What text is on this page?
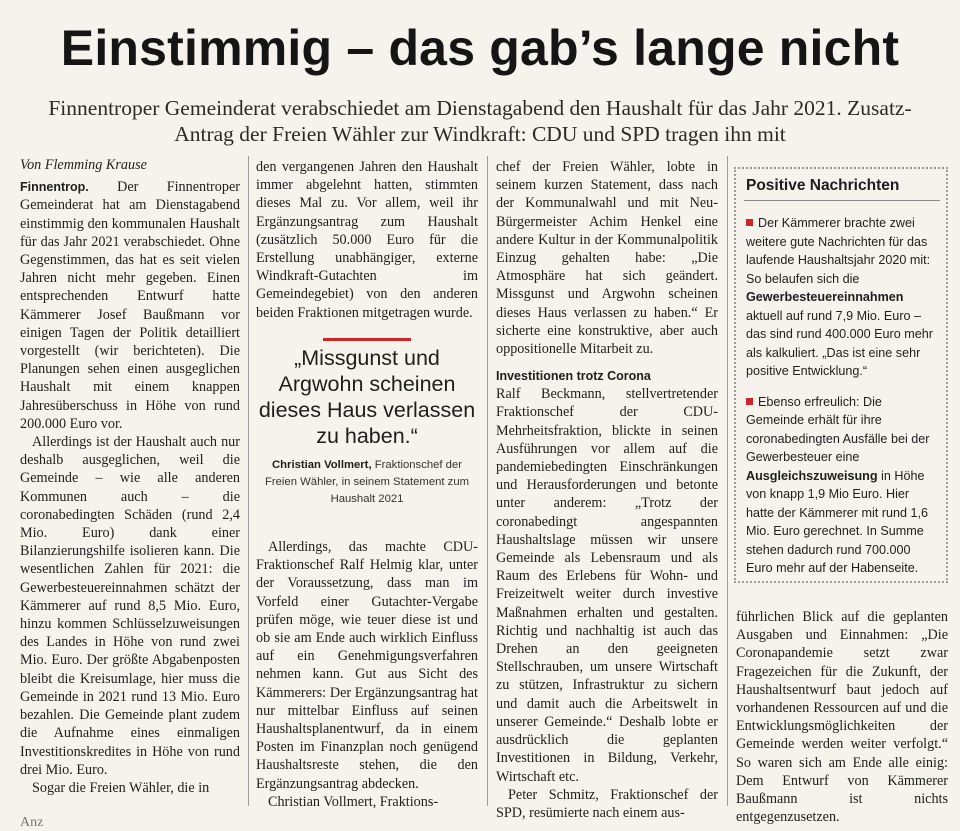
Einstimmig – das gab’s lange nicht

Finnentroper Gemeinderat verabschiedet am Dienstagabend den Haushalt für das Jahr 2021. Zusatz-Antrag der Freien Wähler zur Windkraft: CDU und SPD tragen ihn mit

Von Flemming Krause

Finnentrop. Der Finnentroper Gemeinderat hat am Dienstagabend einstimmig den kommunalen Haushalt für das Jahr 2021 verabschiedet. Ohne Gegenstimmen, das hat es seit vielen Jahren nicht mehr gegeben. Einen entsprechenden Entwurf hatte Kämmerer Josef Baußmann vor einigen Tagen der Politik detailliert vorgestellt (wir berichteten). Die Planungen sehen einen ausgeglichen Haushalt mit einem knappen Jahresüberschuss in Höhe von rund 200.000 Euro vor.

Allerdings ist der Haushalt auch nur deshalb ausgeglichen, weil die Gemeinde – wie alle anderen Kommunen auch – die coronabedingten Schäden (rund 2,4 Mio. Euro) dank einer Bilanzierungshilfe isolieren kann. Die wesentlichen Zahlen für 2021: die Gewerbesteuereinnahmen schätzt der Kämmerer auf rund 8,5 Mio. Euro, hinzu kommen Schlüsselzuweisungen des Landes in Höhe von rund zwei Mio. Euro. Der größte Abgabenposten bleibt die Kreisumlage, hier muss die Gemeinde in 2021 rund 13 Mio. Euro bezahlen. Die Gemeinde plant zudem die Aufnahme eines einmaligen Investitionskredites in Höhe von rund drei Mio. Euro.

Sogar die Freien Wähler, die in

den vergangenen Jahren den Haushalt immer abgelehnt hatten, stimmten dieses Mal zu. Vor allem, weil ihr Ergänzungsantrag zum Haushalt (zusätzlich 50.000 Euro für die Erstellung unabhängiger, externe Windkraft-Gutachten im Gemeindegebiet) von den anderen beiden Fraktionen mitgetragen wurde.

„Missgunst und Argwohn scheinen dieses Haus verlassen zu haben.“

Christian Vollmert, Fraktionschef der Freien Wähler, in seinem Statement zum Haushalt 2021

Allerdings, das machte CDU-Fraktionschef Ralf Helmig klar, unter der Voraussetzung, dass man im Vorfeld einer Gutachter-Vergabe prüfen möge, wie teuer diese ist und ob sie am Ende auch wirklich Einfluss auf ein Genehmigungsverfahren nehmen kann. Gut aus Sicht des Kämmerers: Der Ergänzungsantrag hat nur mittelbar Einfluss auf seinen Haushaltsplanentwurf, da in einem Posten im Finanzplan noch genügend Haushaltsreste stehen, die den Ergänzungsantrag abdecken.

Christian Vollmert, Fraktions-

chef der Freien Wähler, lobte in seinem kurzen Statement, dass nach der Kommunalwahl und mit Neu-Bürgermeister Achim Henkel eine andere Kultur in der Kommunalpolitik Einzug gehalten habe: „Die Atmosphäre hat sich geändert. Missgunst und Argwohn scheinen dieses Haus verlassen zu haben.“ Er sicherte eine konstruktive, aber auch oppositionelle Mitarbeit zu.

Investitionen trotz Corona

Ralf Beckmann, stellvertretender Fraktionschef der CDU-Mehrheitsfraktion, blickte in seinen Ausführungen vor allem auf die pandemiebedingten Einschränkungen und Herausforderungen und betonte unter anderem: „Trotz der coronabedingt angespannten Haushaltslage müssen wir unsere Gemeinde als Lebensraum und als Raum des Erlebens für Wohn- und Freizeitwelt weiter durch investive Maßnahmen erhalten und gestalten. Richtig und nachhaltig ist auch das Drehen an den geeigneten Stellschrauben, um unsere Wirtschaft zu stützen, Infrastruktur zu sichern und damit auch die Arbeitswelt in unserer Gemeinde.“ Deshalb lobte er ausdrücklich die geplanten Investitionen in Bildung, Verkehr, Wirtschaft etc.

Peter Schmitz, Fraktionschef der SPD, resümierte nach einem aus-

Positive Nachrichten

Der Kämmerer brachte zwei weitere gute Nachrichten für das laufende Haushaltsjahr 2020 mit: So belaufen sich die Gewerbesteuereinnahmen aktuell auf rund 7,9 Mio. Euro – das sind rund 400.000 Euro mehr als kalkuliert. „Das ist eine sehr positive Entwicklung.“

Ebenso erfreulich: Die Gemeinde erhält für ihre coronabedingten Ausfälle bei der Gewerbesteuer eine Ausgleichszuweisung in Höhe von knapp 1,9 Mio Euro. Hier hatte der Kämmerer mit rund 1,6 Mio. Euro gerechnet. In Summe stehen dadurch rund 700.000 Euro mehr auf der Habenseite.

führlichen Blick auf die geplanten Ausgaben und Einnahmen: „Die Coronapandemie setzt zwar Fragezeichen für die Zukunft, der Haushaltsentwurf baut jedoch auf vorhandenen Ressourcen auf und die Entwicklungsmöglichkeiten der Gemeinde werden weiter verfolgt.“ So waren sich am Ende alle einig: Dem Entwurf von Kämmerer Baußmann ist nichts entgegenzusetzen.

Anz
